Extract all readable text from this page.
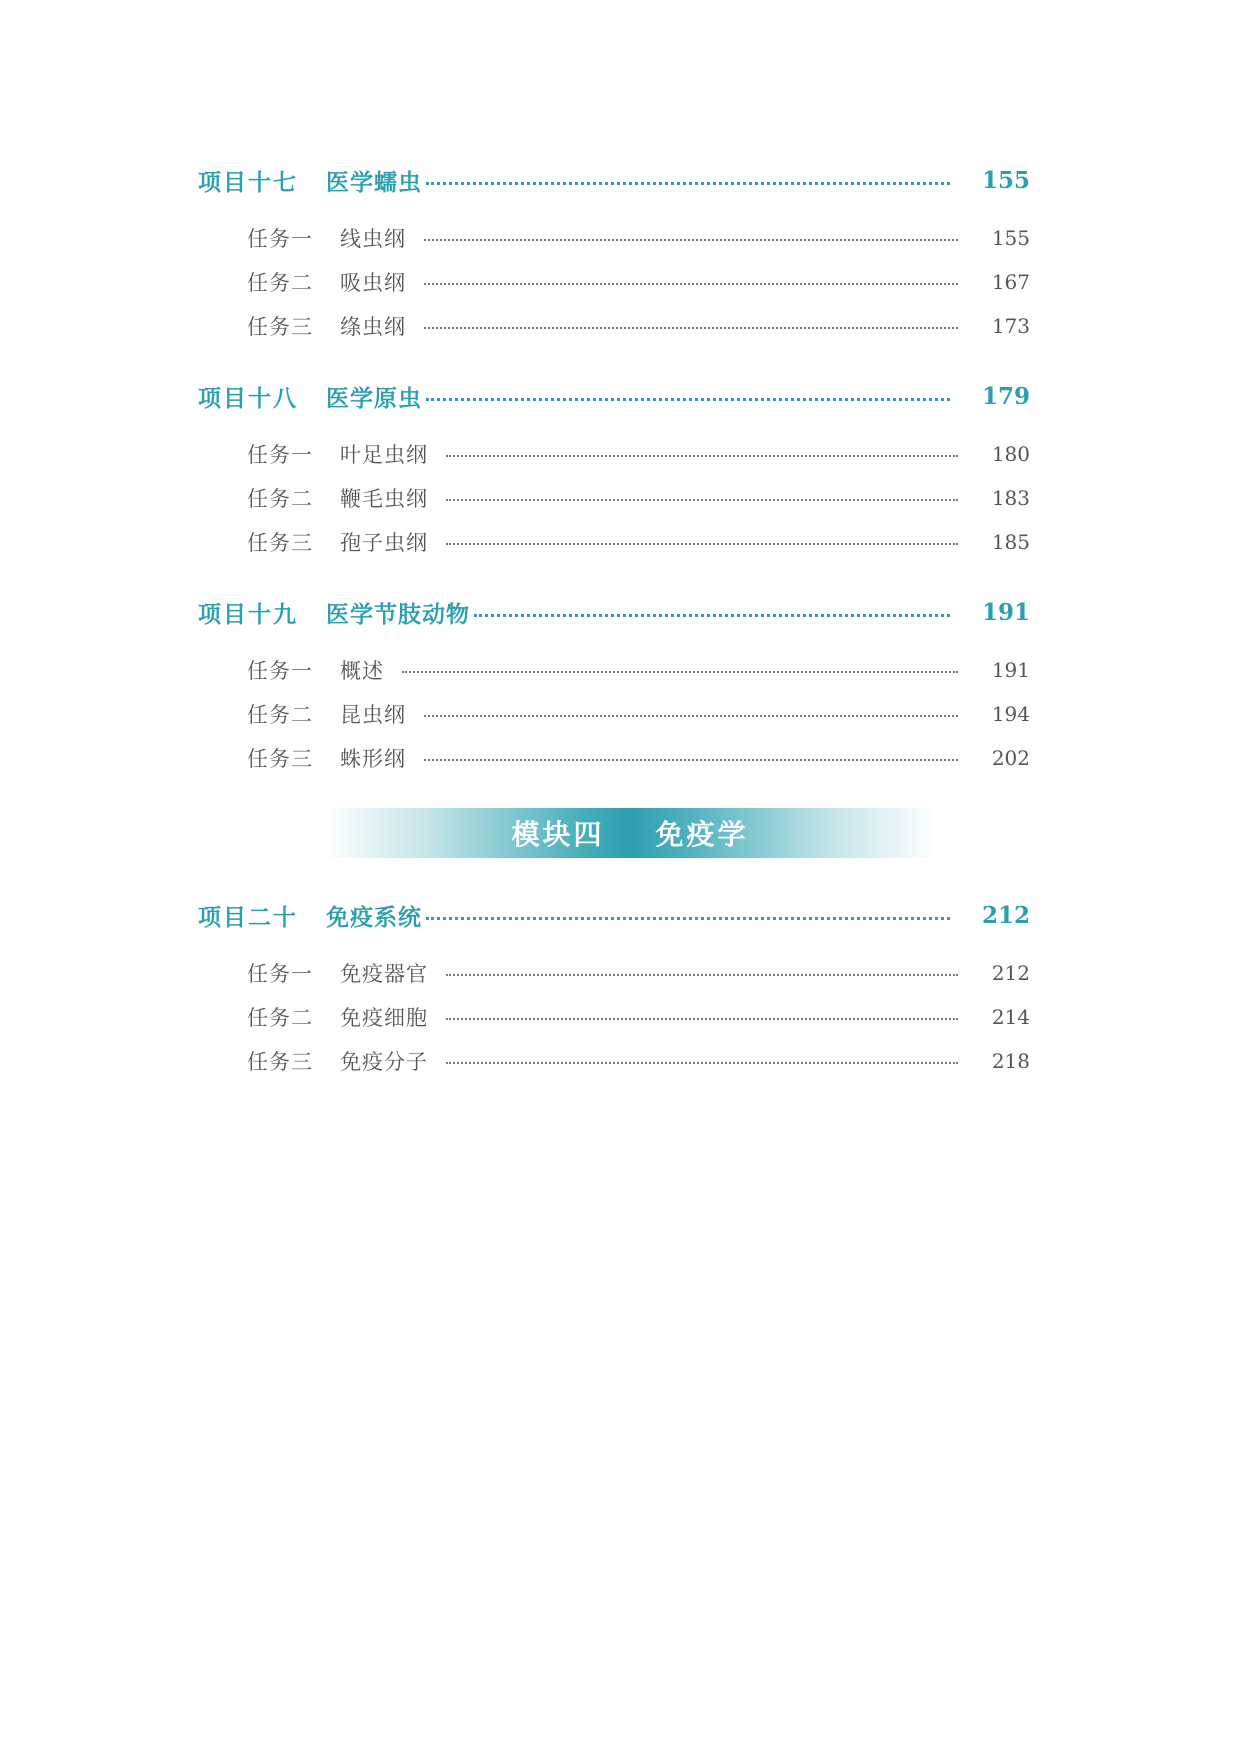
项目十七 医学蠕虫	155
任务一	线虫纲	155
任务二	吸虫纲	167
任务三	绦虫纲	173
项目十八 医学原虫	179
任务一	叶足虫纲	180
任务二	鞭毛虫纲	183
任务三	孢子虫纲	185
项目十九 医学节肢动物	191
任务一	概述	191
任务二	昆虫纲	194
任务三	蛛形纲	202
模块四    免疫学
项目二十 免疫系统	212
任务一	免疫器官	212
任务二	免疫细胞	214
任务三	免疫分子	218
